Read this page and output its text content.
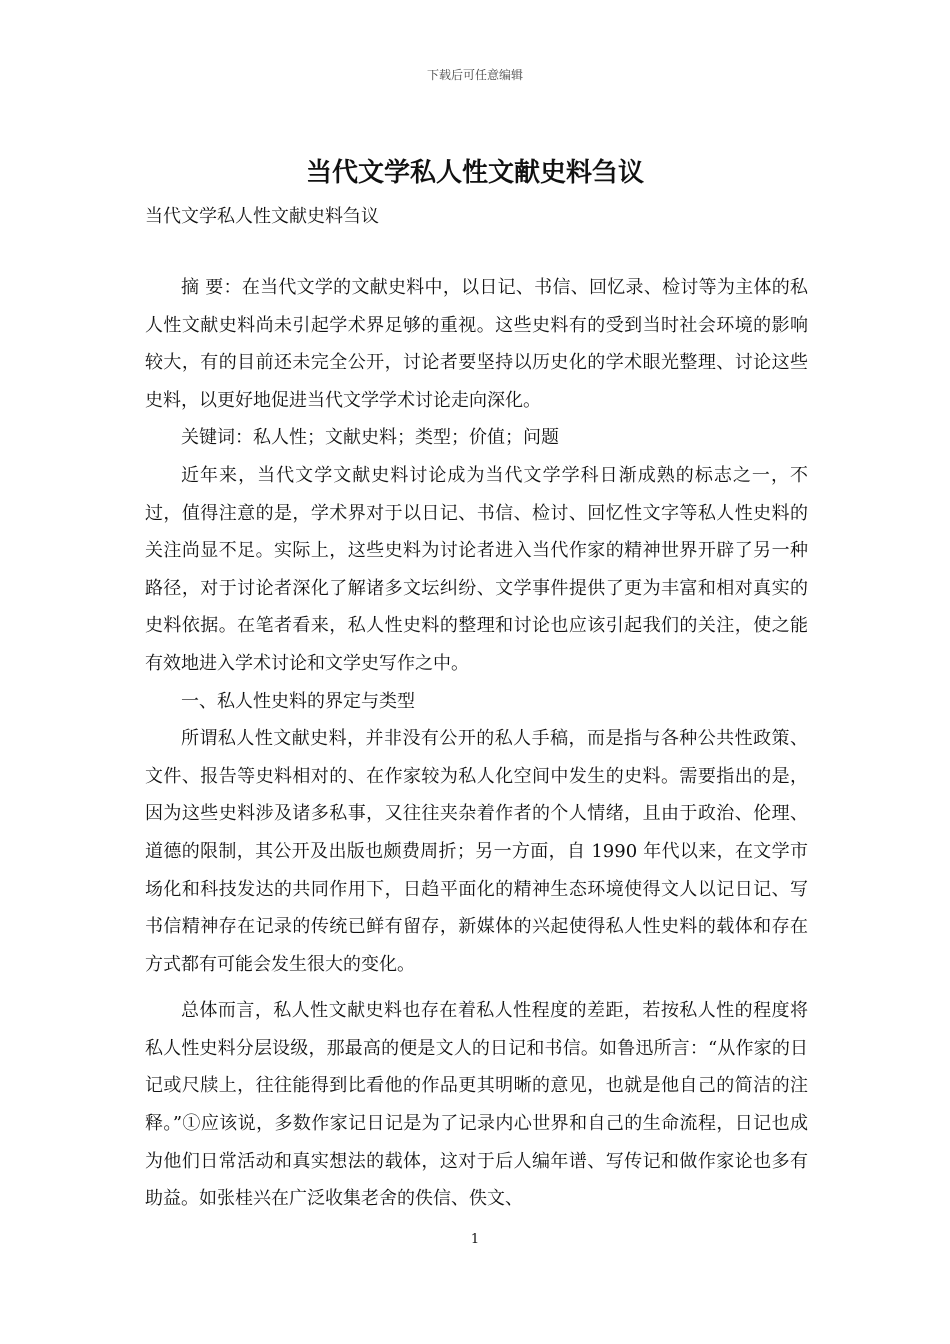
下载后可任意编辑
当代文学私人性文献史料刍议
当代文学私人性文献史料刍议

摘 要：在当代文学的文献史料中，以日记、书信、回忆录、检讨等为主体的私人性文献史料尚未引起学术界足够的重视。这些史料有的受到当时社会环境的影响较大，有的目前还未完全公开，讨论者要坚持以历史化的学术眼光整理、讨论这些史料，以更好地促进当代文学学术讨论走向深化。

关键词：私人性；文献史料；类型；价值；问题

近年来，当代文学文献史料讨论成为当代文学学科日渐成熟的标志之一，不过，值得注意的是，学术界对于以日记、书信、检讨、回忆性文字等私人性史料的关注尚显不足。实际上，这些史料为讨论者进入当代作家的精神世界开辟了另一种路径，对于讨论者深化了解诸多文坛纠纷、文学事件提供了更为丰富和相对真实的史料依据。在笔者看来，私人性史料的整理和讨论也应该引起我们的关注，使之能有效地进入学术讨论和文学史写作之中。

一、私人性史料的界定与类型

所谓私人性文献史料，并非没有公开的私人手稿，而是指与各种公共性政策、文件、报告等史料相对的、在作家较为私人化空间中发生的史料。需要指出的是，因为这些史料涉及诸多私事，又往往夹杂着作者的个人情绪，且由于政治、伦理、道德的限制，其公开及出版也颇费周折；另一方面，自 1990 年代以来，在文学市场化和科技发达的共同作用下，日趋平面化的精神生态环境使得文人以记日记、写书信精神存在记录的传统已鲜有留存，新媒体的兴起使得私人性史料的载体和存在方式都有可能会发生很大的变化。

总体而言，私人性文献史料也存在着私人性程度的差距，若按私人性的程度将私人性史料分层设级，那最高的便是文人的日记和书信。如鲁迅所言：“从作家的日记或尺牍上，往往能得到比看他的作品更其明晰的意见，也就是他自己的简洁的注释。”①应该说，多数作家记日记是为了记录内心世界和自己的生命流程，日记也成为他们日常活动和真实想法的载体，这对于后人编年谱、写传记和做作家论也多有助益。如张桂兴在广泛收集老舍的佚信、佚文、

1
